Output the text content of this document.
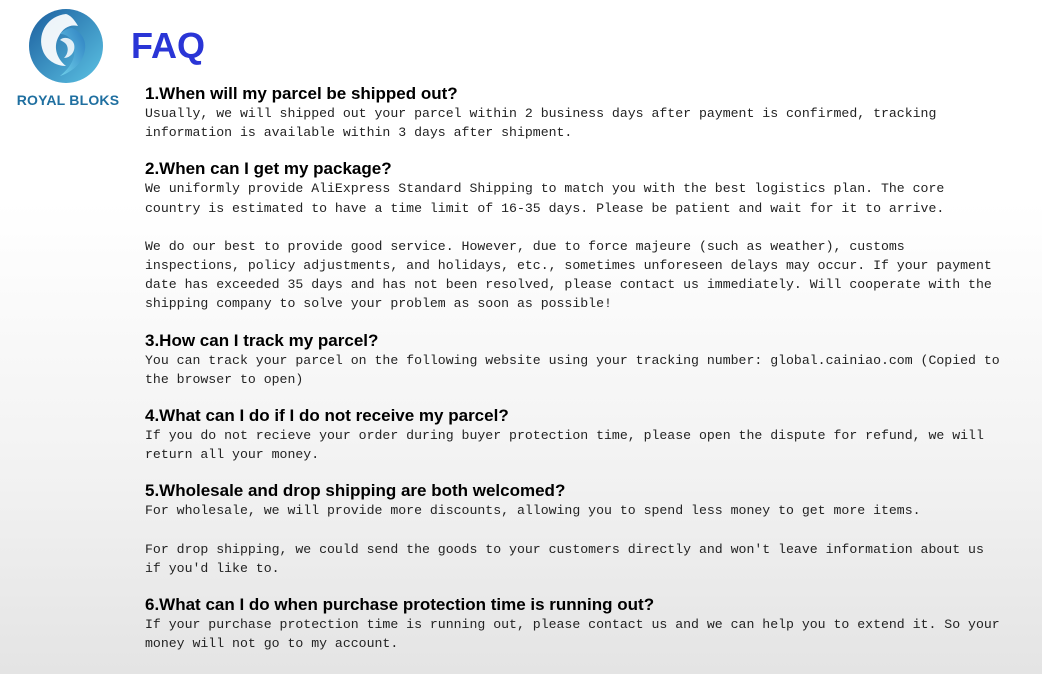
ROYAL BLOKS
FAQ
1.When will my parcel be shipped out?

Usually, we will shipped out your parcel within 2 business days after payment is confirmed, tracking information is available within 3 days after shipment.

2.When can I get my package?

We uniformly provide AliExpress Standard Shipping to match you with the best logistics plan. The core country is estimated to have a time limit of 16-35 days. Please be patient and wait for it to arrive.

We do our best to provide good service. However, due to force majeure (such as weather), customs inspections, policy adjustments, and holidays, etc., sometimes unforeseen delays may occur. If your payment date has exceeded 35 days and has not been resolved, please contact us immediately. Will cooperate with the shipping company to solve your problem as soon as possible!

3.How can I track my parcel?

You can track your parcel on the following website using your tracking number: global.cainiao.com (Copied to the browser to open)

4.What can I do if I do not receive my parcel?

If you do not recieve your order during buyer protection time, please open the dispute for refund, we will return all your money.

5.Wholesale and drop shipping are both welcomed?

For wholesale, we will provide more discounts, allowing you to spend less money to get more items.

For drop shipping, we could send the goods to your customers directly and won't leave information about us if you'd like to.

6.What can I do when purchase protection time is running out?

If your purchase protection time is running out, please contact us and we can help you to extend it. So your money will not go to my account.
